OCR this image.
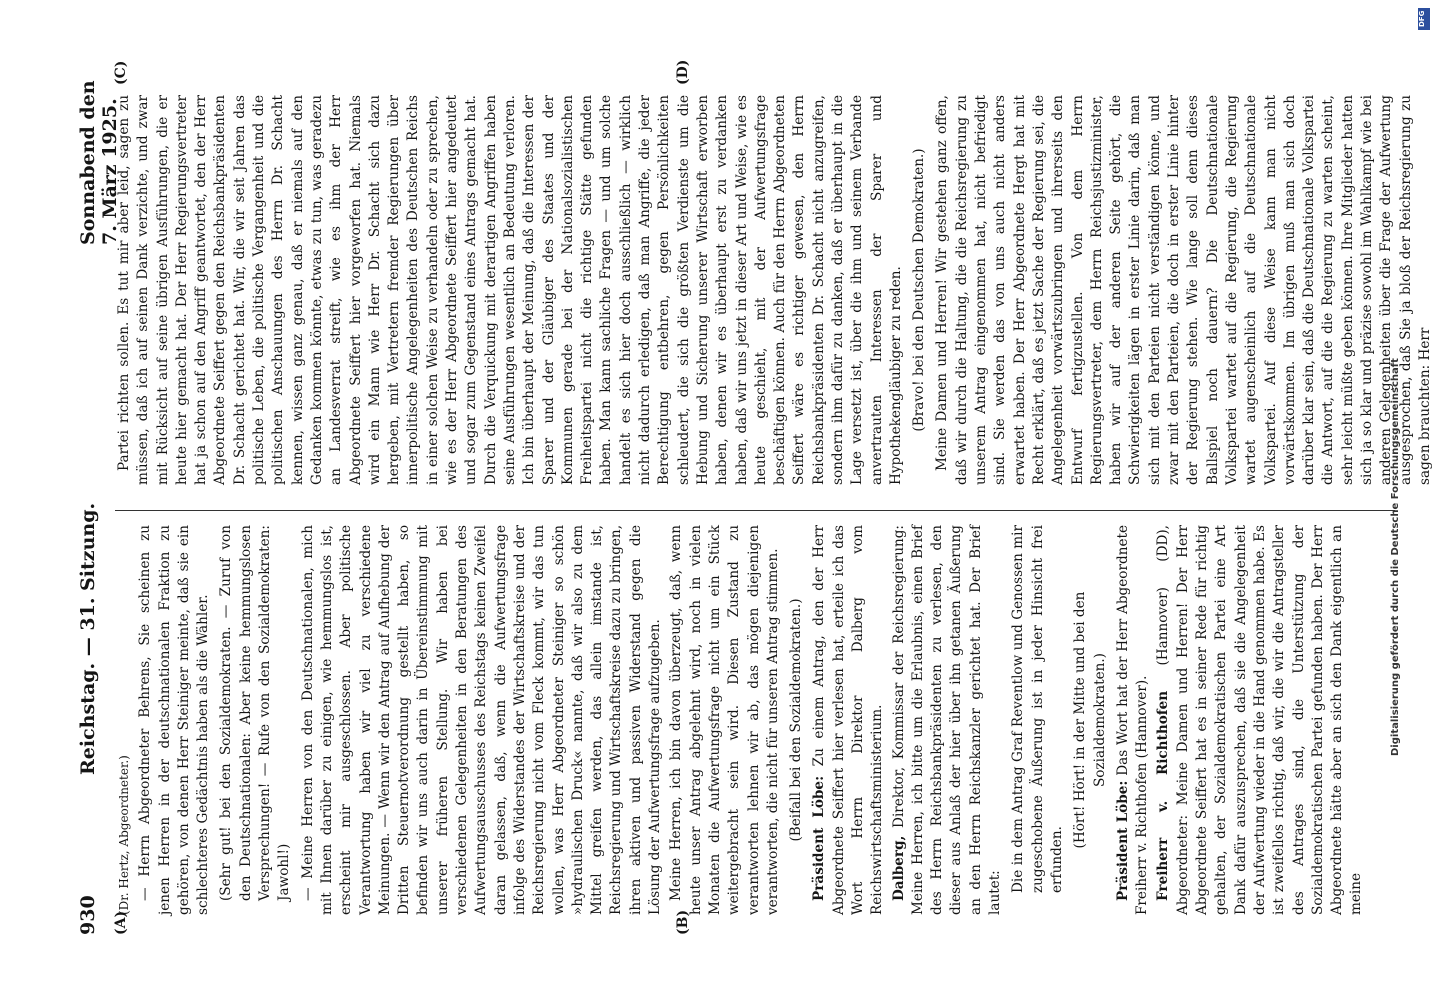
930
Reichstag. — 31. Sitzung.
Sonnabend den 7. März 1925.
(A)	(B)
(C)	(D)

(Dr. Hertz, Abgeordneter.) — Herrn Abgeordneter Behrens, Sie scheinen zu jenen Herren in der deutschnationalen Fraktion zu gehören, von denen Herr Steiniger meinte, daß sie ein schlechteres Gedächtnis haben als die Wähler. (Sehr gut! bei den Sozialdemokraten. — Zuruf von den Deutschnationalen: Aber keine hemmungslosen Versprechungen! — Rufe von den Sozialdemokraten: Jawohl!) — Meine Herren von den Deutschnationalen, mich mit Ihnen darüber zu einigen, wie hemmungslos ist, erscheint mir ausgeschlossen. Aber politische Verantwortung haben wir viel zu verschiedene Meinungen. — Wenn wir den Antrag auf Aufhebung der Dritten Steuernotverordnung gestellt haben, so befinden wir uns auch darin in Übereinstimmung mit unserer früheren Stellung. Wir haben bei verschiedenen Gelegenheiten in den Beratungen des Aufwertungsausschusses des Reichstags keinen Zweifel daran gelassen, daß, wenn die Aufwertungsfrage infolge des Widerstandes der Wirtschaftskreise und der Reichsregierung nicht vom Fleck kommt, wir das tun wollen, was Herr Abgeordneter Steiniger so schön »hydraulischen Druck« nannte, daß wir also zu dem Mittel greifen werden, das allein imstande ist, Reichsregierung und Wirtschaftskreise dazu zu bringen, ihren aktiven und passiven Widerstand gegen die Lösung der Aufwertungsfrage aufzugeben. Meine Herren, ich bin davon überzeugt, daß, wenn heute unser Antrag abgelehnt wird, noch in vielen Monaten die Aufwertungsfrage nicht um ein Stück weitergebracht sein wird. Diesen Zustand zu verantworten lehnen wir ab, das mögen diejenigen verantworten, die nicht für unseren Antrag stimmen. (Beifall bei den Sozialdemokraten.) Präsident Löbe: Zu einem Antrag, den der Herr Abgeordnete Seiffert hier verlesen hat, erteile ich das Wort Herrn Direktor Dalberg vom Reichswirtschaftsministerium. Dalberg, Direktor, Kommissar der Reichsregierung: Meine Herren, ich bitte um die Erlaubnis, einen Brief des Herrn Reichsbankpräsidenten zu verlesen, den dieser aus Anlaß der hier über ihn getanen Äußerung an den Herrn Reichskanzler gerichtet hat. Der Brief lautet: Die in dem Antrag Graf Reventlow und Genossen mir zugeschobene Äußerung ist in jeder Hinsicht frei erfunden.

(Hört! Hört! in der Mitte und bei den Sozialdemokraten.)

Präsident Löbe: Das Wort hat der Herr Abgeordnete Freiherr v. Richthofen (Hannover). Freiherr v. Richthofen (Hannover) (DD), Abgeordneter: Meine Damen und Herren! Der Herr Abgeordnete Seiffert hat es in seiner Rede für richtig gehalten, der Sozialdemokratischen Partei eine Art Dank dafür auszusprechen, daß sie die Angelegenheit der Aufwertung wieder in die Hand genommen habe. Es ist zweifellos richtig, daß wir, die wir die Antragsteller des Antrages sind, die Unterstützung der Sozialdemokratischen Partei gefunden haben. Der Herr Abgeordnete hätte aber an sich den Dank eigentlich an meine

Partei richten sollen. Es tut mir aber leid, sagen zu müssen, daß ich auf seinen Dank verzichte, und zwar mit Rücksicht auf seine übrigen Ausführungen, die er heute hier gemacht hat. Der Herr Regierungsvertreter hat ja schon auf den Angriff geantwortet, den der Herr Abgeordnete Seiffert gegen den Reichsbankpräsidenten Dr. Schacht gerichtet hat. Wir, die wir seit Jahren das politische Leben, die politische Vergangenheit und die politischen Anschauungen des Herrn Dr. Schacht kennen, wissen ganz genau, daß er niemals auf den Gedanken kommen könnte, etwas zu tun, was geradezu an Landesverrat streift, wie es ihm der Herr Abgeordnete Seiffert hier vorgeworfen hat. Niemals wird ein Mann wie Herr Dr. Schacht sich dazu hergeben, mit Vertretern fremder Regierungen über innerpolitische Angelegenheiten des Deutschen Reichs in einer solchen Weise zu verhandeln oder zu sprechen, wie es der Herr Abgeordnete Seiffert hier angedeutet und sogar zum Gegenstand eines Antrags gemacht hat. Durch die Verquickung mit derartigen Angriffen haben seine Ausführungen wesentlich an Bedeutung verloren. Ich bin überhaupt der Meinung, daß die Interessen der Sparer und der Gläubiger des Staates und der Kommunen gerade bei der Nationalsozialistischen Freiheitspartei nicht die richtige Stätte gefunden haben. Man kann sachliche Fragen — und um solche handelt es sich hier doch ausschließlich — wirklich nicht dadurch erledigen, daß man Angriffe, die jeder Berechtigung entbehren, gegen Persönlichkeiten schleudert, die sich die größten Verdienste um die Hebung und Sicherung unserer Wirtschaft erworben haben, denen wir es überhaupt erst zu verdanken haben, daß wir uns jetzt in dieser Art und Weise, wie es heute geschieht, mit der Aufwertungsfrage beschäftigen können. Auch für den Herrn Abgeordneten Seiffert wäre es richtiger gewesen, den Herrn Reichsbankpräsidenten Dr. Schacht nicht anzugreifen, sondern ihm dafür zu danken, daß er überhaupt in die Lage versetzt ist, über die ihm und seinem Verbande anvertrauten Interessen der Sparer und Hypothekengläubiger zu reden. (Bravo! bei den Deutschen Demokraten.) Meine Damen und Herren! Wir gestehen ganz offen, daß wir durch die Haltung, die die Reichsregierung zu unserem Antrag eingenommen hat, nicht befriedigt sind. Sie werden das von uns auch nicht anders erwartet haben. Der Herr Abgeordnete Hergt hat mit Recht erklärt, daß es jetzt Sache der Regierung sei, die Angelegenheit vorwärtszubringen und ihrerseits den Entwurf fertigzustellen. Von dem Herrn Regierungsvertreter, dem Herrn Reichsjustizminister, haben wir auf der anderen Seite gehört, die Schwierigkeiten lägen in erster Linie darin, daß man sich mit den Parteien nicht verständigen könne, und zwar mit den Parteien, die doch in erster Linie hinter der Regierung stehen. Wie lange soll denn dieses Ballspiel noch dauern? Die Deutschnationale Volkspartei wartet auf die Regierung, die Regierung wartet augenscheinlich auf die Deutschnationale Volkspartei. Auf diese Weise kann man nicht vorwärtskommen. Im übrigen muß man sich doch darüber klar sein, daß die Deutschnationale Volkspartei die Antwort, auf die die Regierung zu warten scheint, sehr leicht müßte geben können. Ihre Mitglieder hatten sich ja so klar und präzise sowohl im Wahlkampf wie bei anderen Gelegenheiten über die Frage der Aufwertung ausgesprochen, daß Sie ja bloß der Reichsregierung zu sagen brauchten: Herr

Digitalisierung gefördert durch die Deutsche Forschungsgemeinschaft
DFG
